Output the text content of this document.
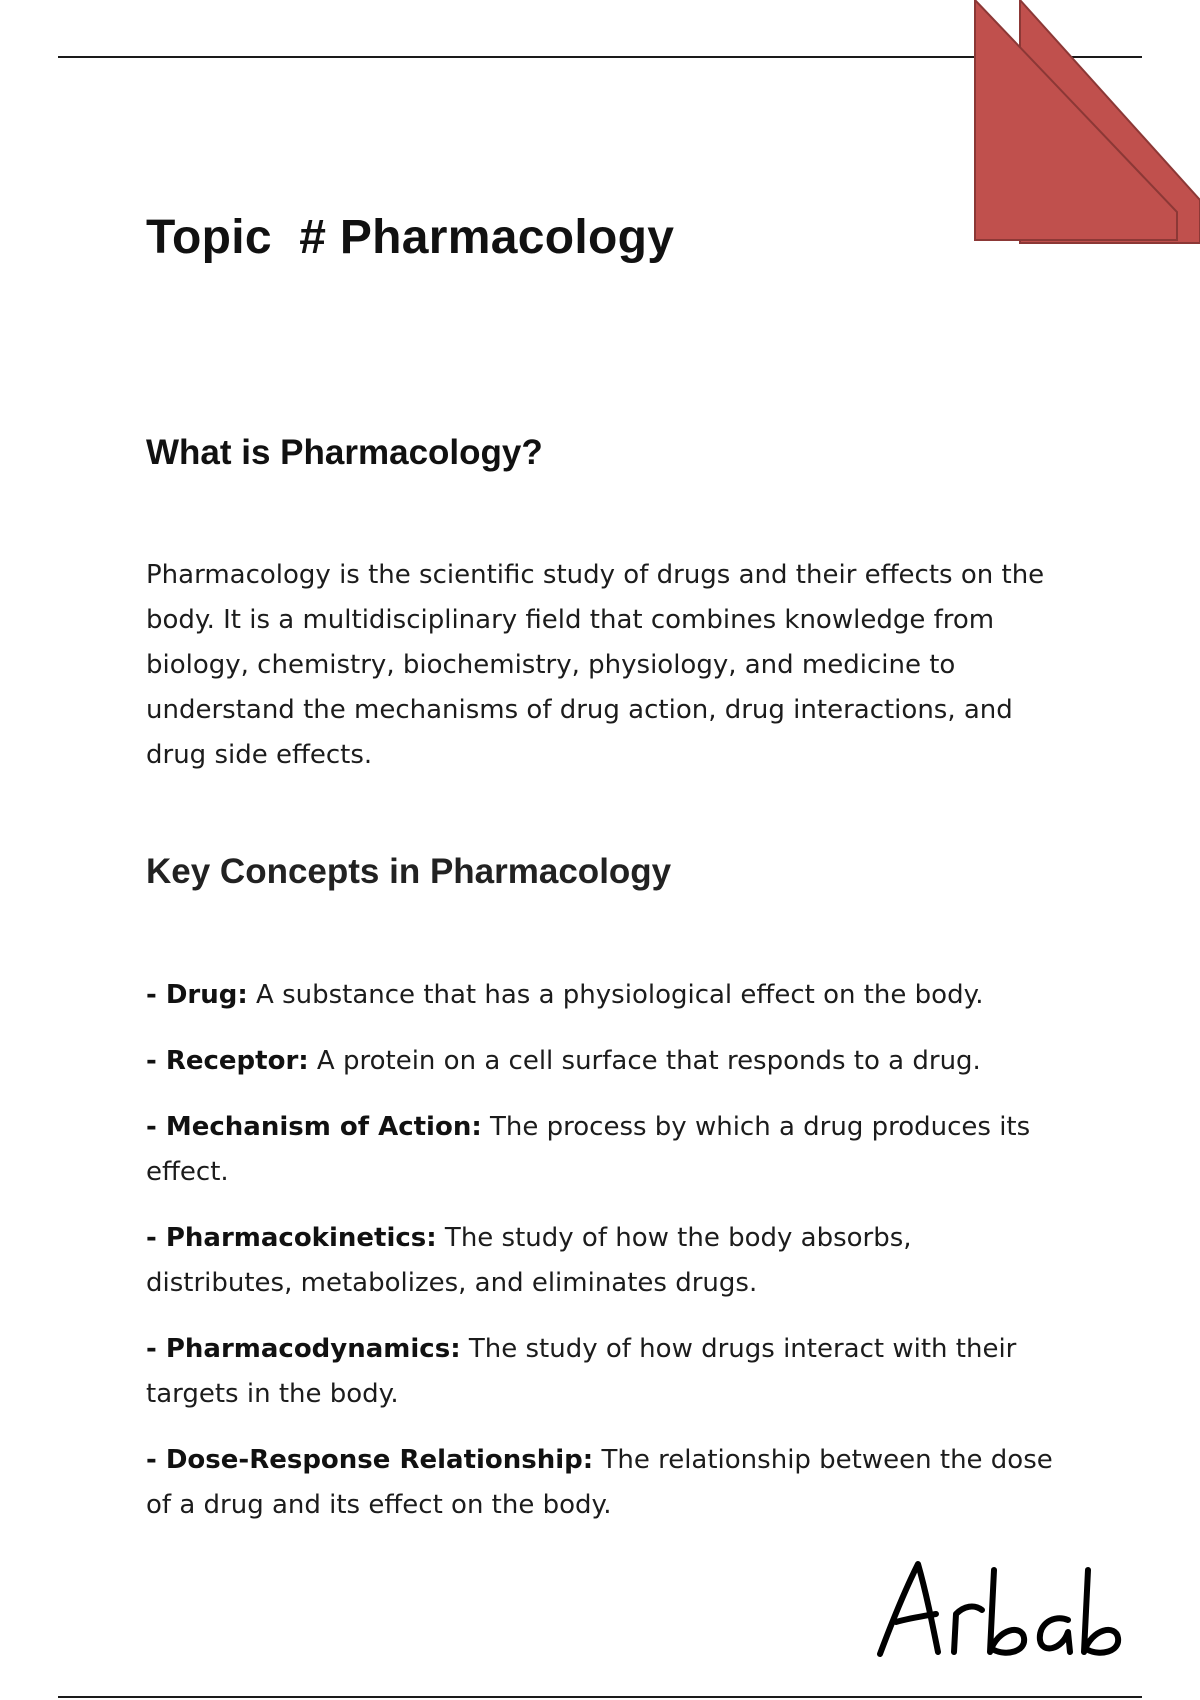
Topic  # Pharmacology
What is Pharmacology?

Pharmacology is the scientific study of drugs and their effects on the body. It is a multidisciplinary field that combines knowledge from biology, chemistry, biochemistry, physiology, and medicine to understand the mechanisms of drug action, drug interactions, and drug side effects.

Key Concepts in Pharmacology
- Drug: A substance that has a physiological effect on the body.
- Receptor: A protein on a cell surface that responds to a drug.
- Mechanism of Action: The process by which a drug produces its effect.
- Pharmacokinetics: The study of how the body absorbs, distributes, metabolizes, and eliminates drugs.
- Pharmacodynamics: The study of how drugs interact with their targets in the body.
- Dose-Response Relationship: The relationship between the dose of a drug and its effect on the body.
